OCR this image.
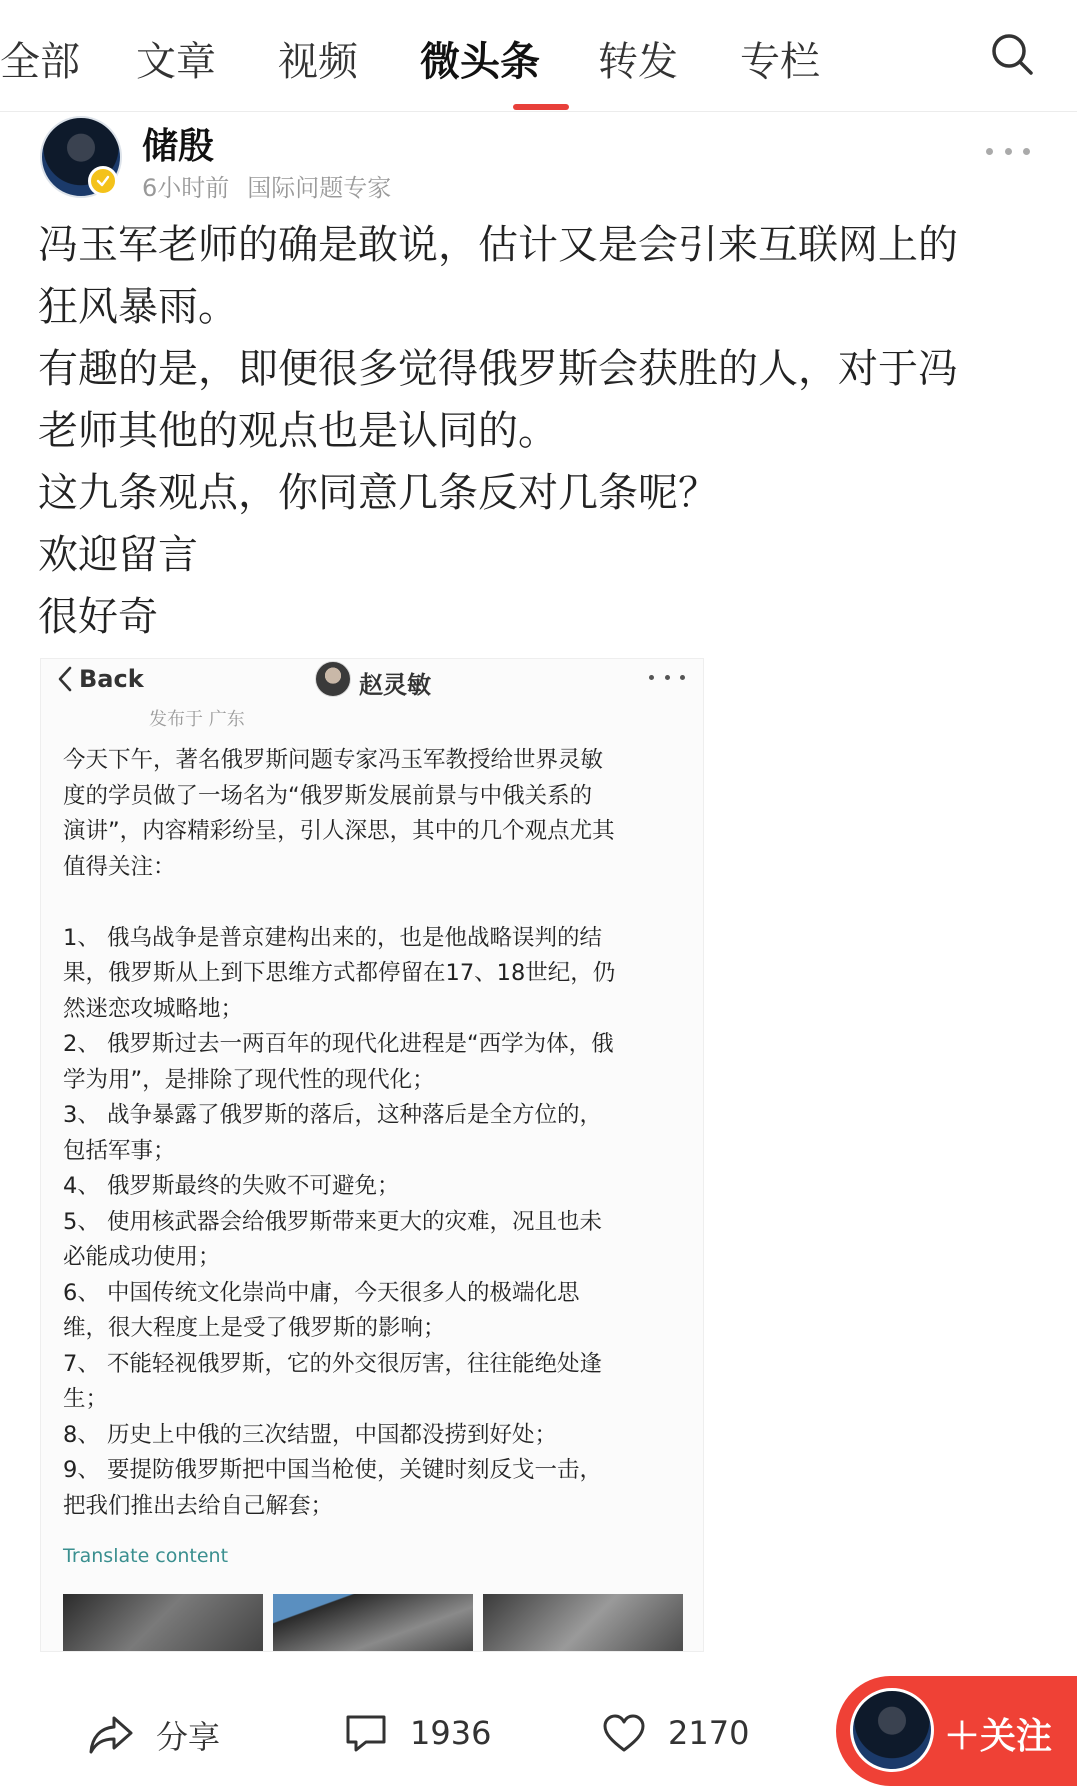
全部 文章 视频 微头条 转发 专栏
储殷
6小时前 国际问题专家

冯玉军老师的确是敢说，估计又是会引来互联网上的

狂风暴雨。

有趣的是，即便很多觉得俄罗斯会获胜的人，对于冯

老师其他的观点也是认同的。

这九条观点，你同意几条反对几条呢？

欢迎留言

很好奇

Back	赵灵敏
发布于 广东

今天下午，著名俄罗斯问题专家冯玉军教授给世界灵敏

度的学员做了一场名为“俄罗斯发展前景与中俄关系的

演讲”，内容精彩纷呈，引人深思，其中的几个观点尤其

值得关注：

1、 俄乌战争是普京建构出来的，也是他战略误判的结

果，俄罗斯从上到下思维方式都停留在17、18世纪，仍

然迷恋攻城略地；

2、 俄罗斯过去一两百年的现代化进程是“西学为体，俄

学为用”，是排除了现代性的现代化；

3、 战争暴露了俄罗斯的落后，这种落后是全方位的，

包括军事；

4、 俄罗斯最终的失败不可避免；

5、 使用核武器会给俄罗斯带来更大的灾难，况且也未

必能成功使用；

6、 中国传统文化崇尚中庸，今天很多人的极端化思

维，很大程度上是受了俄罗斯的影响；

7、 不能轻视俄罗斯，它的外交很厉害，往往能绝处逢

生；

8、 历史上中俄的三次结盟，中国都没捞到好处；

9、 要提防俄罗斯把中国当枪使，关键时刻反戈一击，

把我们推出去给自己解套；

Translate content
分享	1936	2170	＋关注
